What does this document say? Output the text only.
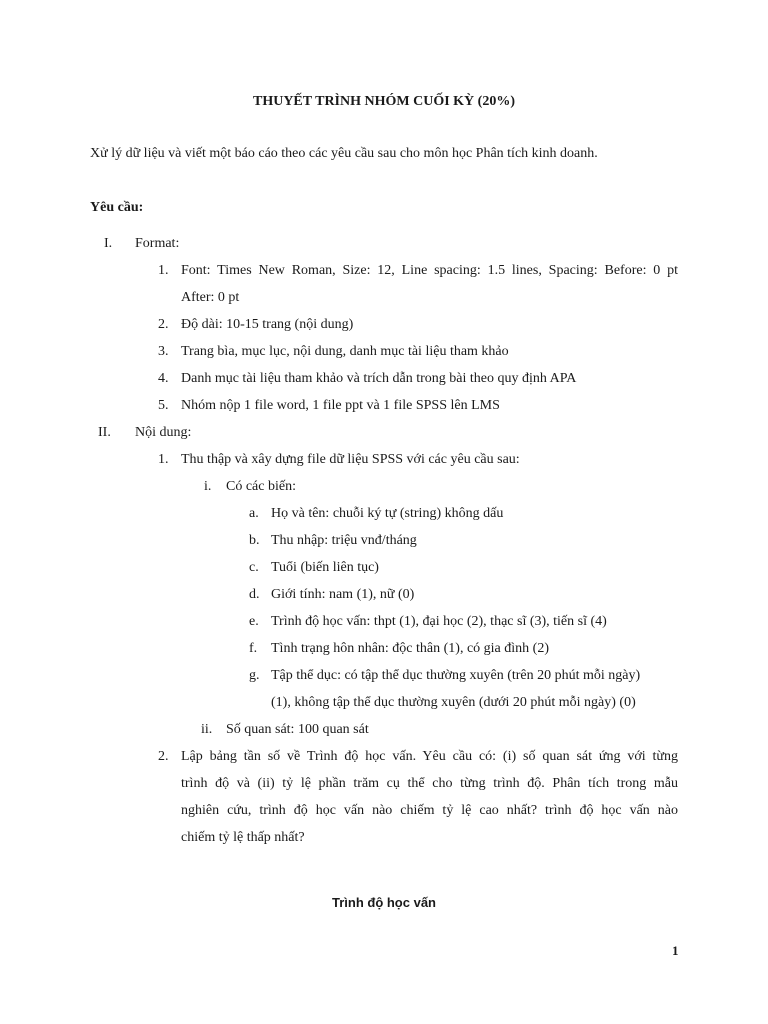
THUYẾT TRÌNH NHÓM CUỐI KỲ (20%)
Xử lý dữ liệu và viết một báo cáo theo các yêu cầu sau cho môn học Phân tích kinh doanh.
Yêu cầu:
I. Format:
1. Font: Times New Roman, Size: 12, Line spacing: 1.5 lines, Spacing: Before: 0 pt
After: 0 pt
2. Độ dài: 10-15 trang (nội dung)
3. Trang bìa, mục lục, nội dung, danh mục tài liệu tham khảo
4. Danh mục tài liệu tham khảo và trích dẫn trong bài theo quy định APA
5. Nhóm nộp 1 file word, 1 file ppt và 1 file SPSS lên LMS
II. Nội dung:
1. Thu thập và xây dựng file dữ liệu SPSS với các yêu cầu sau:
i. Có các biến:
a. Họ và tên: chuỗi ký tự (string) không dấu
b. Thu nhập: triệu vnđ/tháng
c. Tuổi (biến liên tục)
d. Giới tính: nam (1), nữ (0)
e. Trình độ học vấn: thpt (1), đại học (2), thạc sĩ (3), tiến sĩ (4)
f. Tình trạng hôn nhân: độc thân (1), có gia đình (2)
g. Tập thể dục: có tập thể dục thường xuyên (trên 20 phút mỗi ngày)
(1), không tập thể dục thường xuyên (dưới 20 phút mỗi ngày) (0)
ii. Số quan sát: 100 quan sát
2. Lập bảng tần số về Trình độ học vấn. Yêu cầu có: (i) số quan sát ứng với từng
trình độ và (ii) tỷ lệ phần trăm cụ thể cho từng trình độ. Phân tích trong mẫu
nghiên cứu, trình độ học vấn nào chiếm tỷ lệ cao nhất? trình độ học vấn nào
chiếm tỷ lệ thấp nhất?
Trình độ học vấn
1
